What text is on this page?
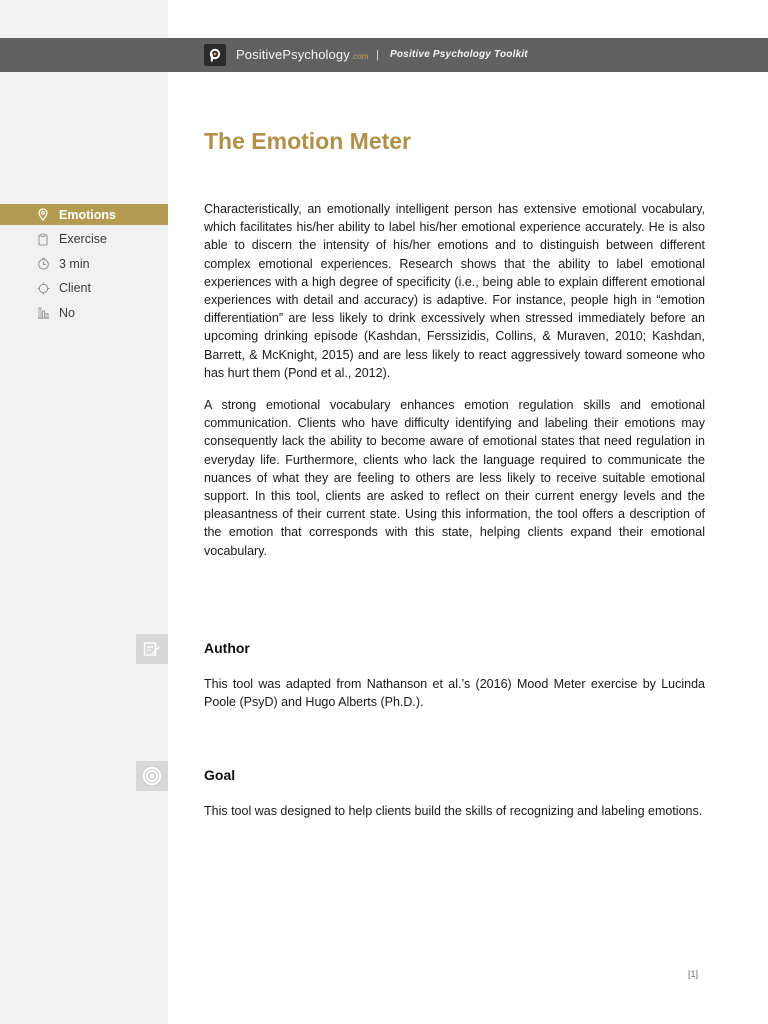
PositivePsychology.com | Positive Psychology Toolkit
The Emotion Meter
Emotions
Exercise
3 min
Client
No

Characteristically, an emotionally intelligent person has extensive emotional vocabulary, which facilitates his/her ability to label his/her emotional experience accurately. He is also able to discern the intensity of his/her emotions and to distinguish between different complex emotional experiences. Research shows that the ability to label emotional experiences with a high degree of specificity (i.e., being able to explain different emotional experiences with detail and accuracy) is adaptive. For instance, people high in “emotion differentiation” are less likely to drink excessively when stressed immediately before an upcoming drinking episode (Kashdan, Ferssizidis, Collins, & Muraven, 2010; Kashdan, Barrett, & McKnight, 2015) and are less likely to react aggressively toward someone who has hurt them (Pond et al., 2012).

A strong emotional vocabulary enhances emotion regulation skills and emotional communication. Clients who have difficulty identifying and labeling their emotions may consequently lack the ability to become aware of emotional states that need regulation in everyday life. Furthermore, clients who lack the language required to communicate the nuances of what they are feeling to others are less likely to receive suitable emotional support. In this tool, clients are asked to reflect on their current energy levels and the pleasantness of their current state. Using this information, the tool offers a description of the emotion that corresponds with this state, helping clients expand their emotional vocabulary.

Author

This tool was adapted from Nathanson et al.’s (2016) Mood Meter exercise by Lucinda Poole (PsyD) and Hugo Alberts (Ph.D.).

Goal

This tool was designed to help clients build the skills of recognizing and labeling emotions.

[1]
